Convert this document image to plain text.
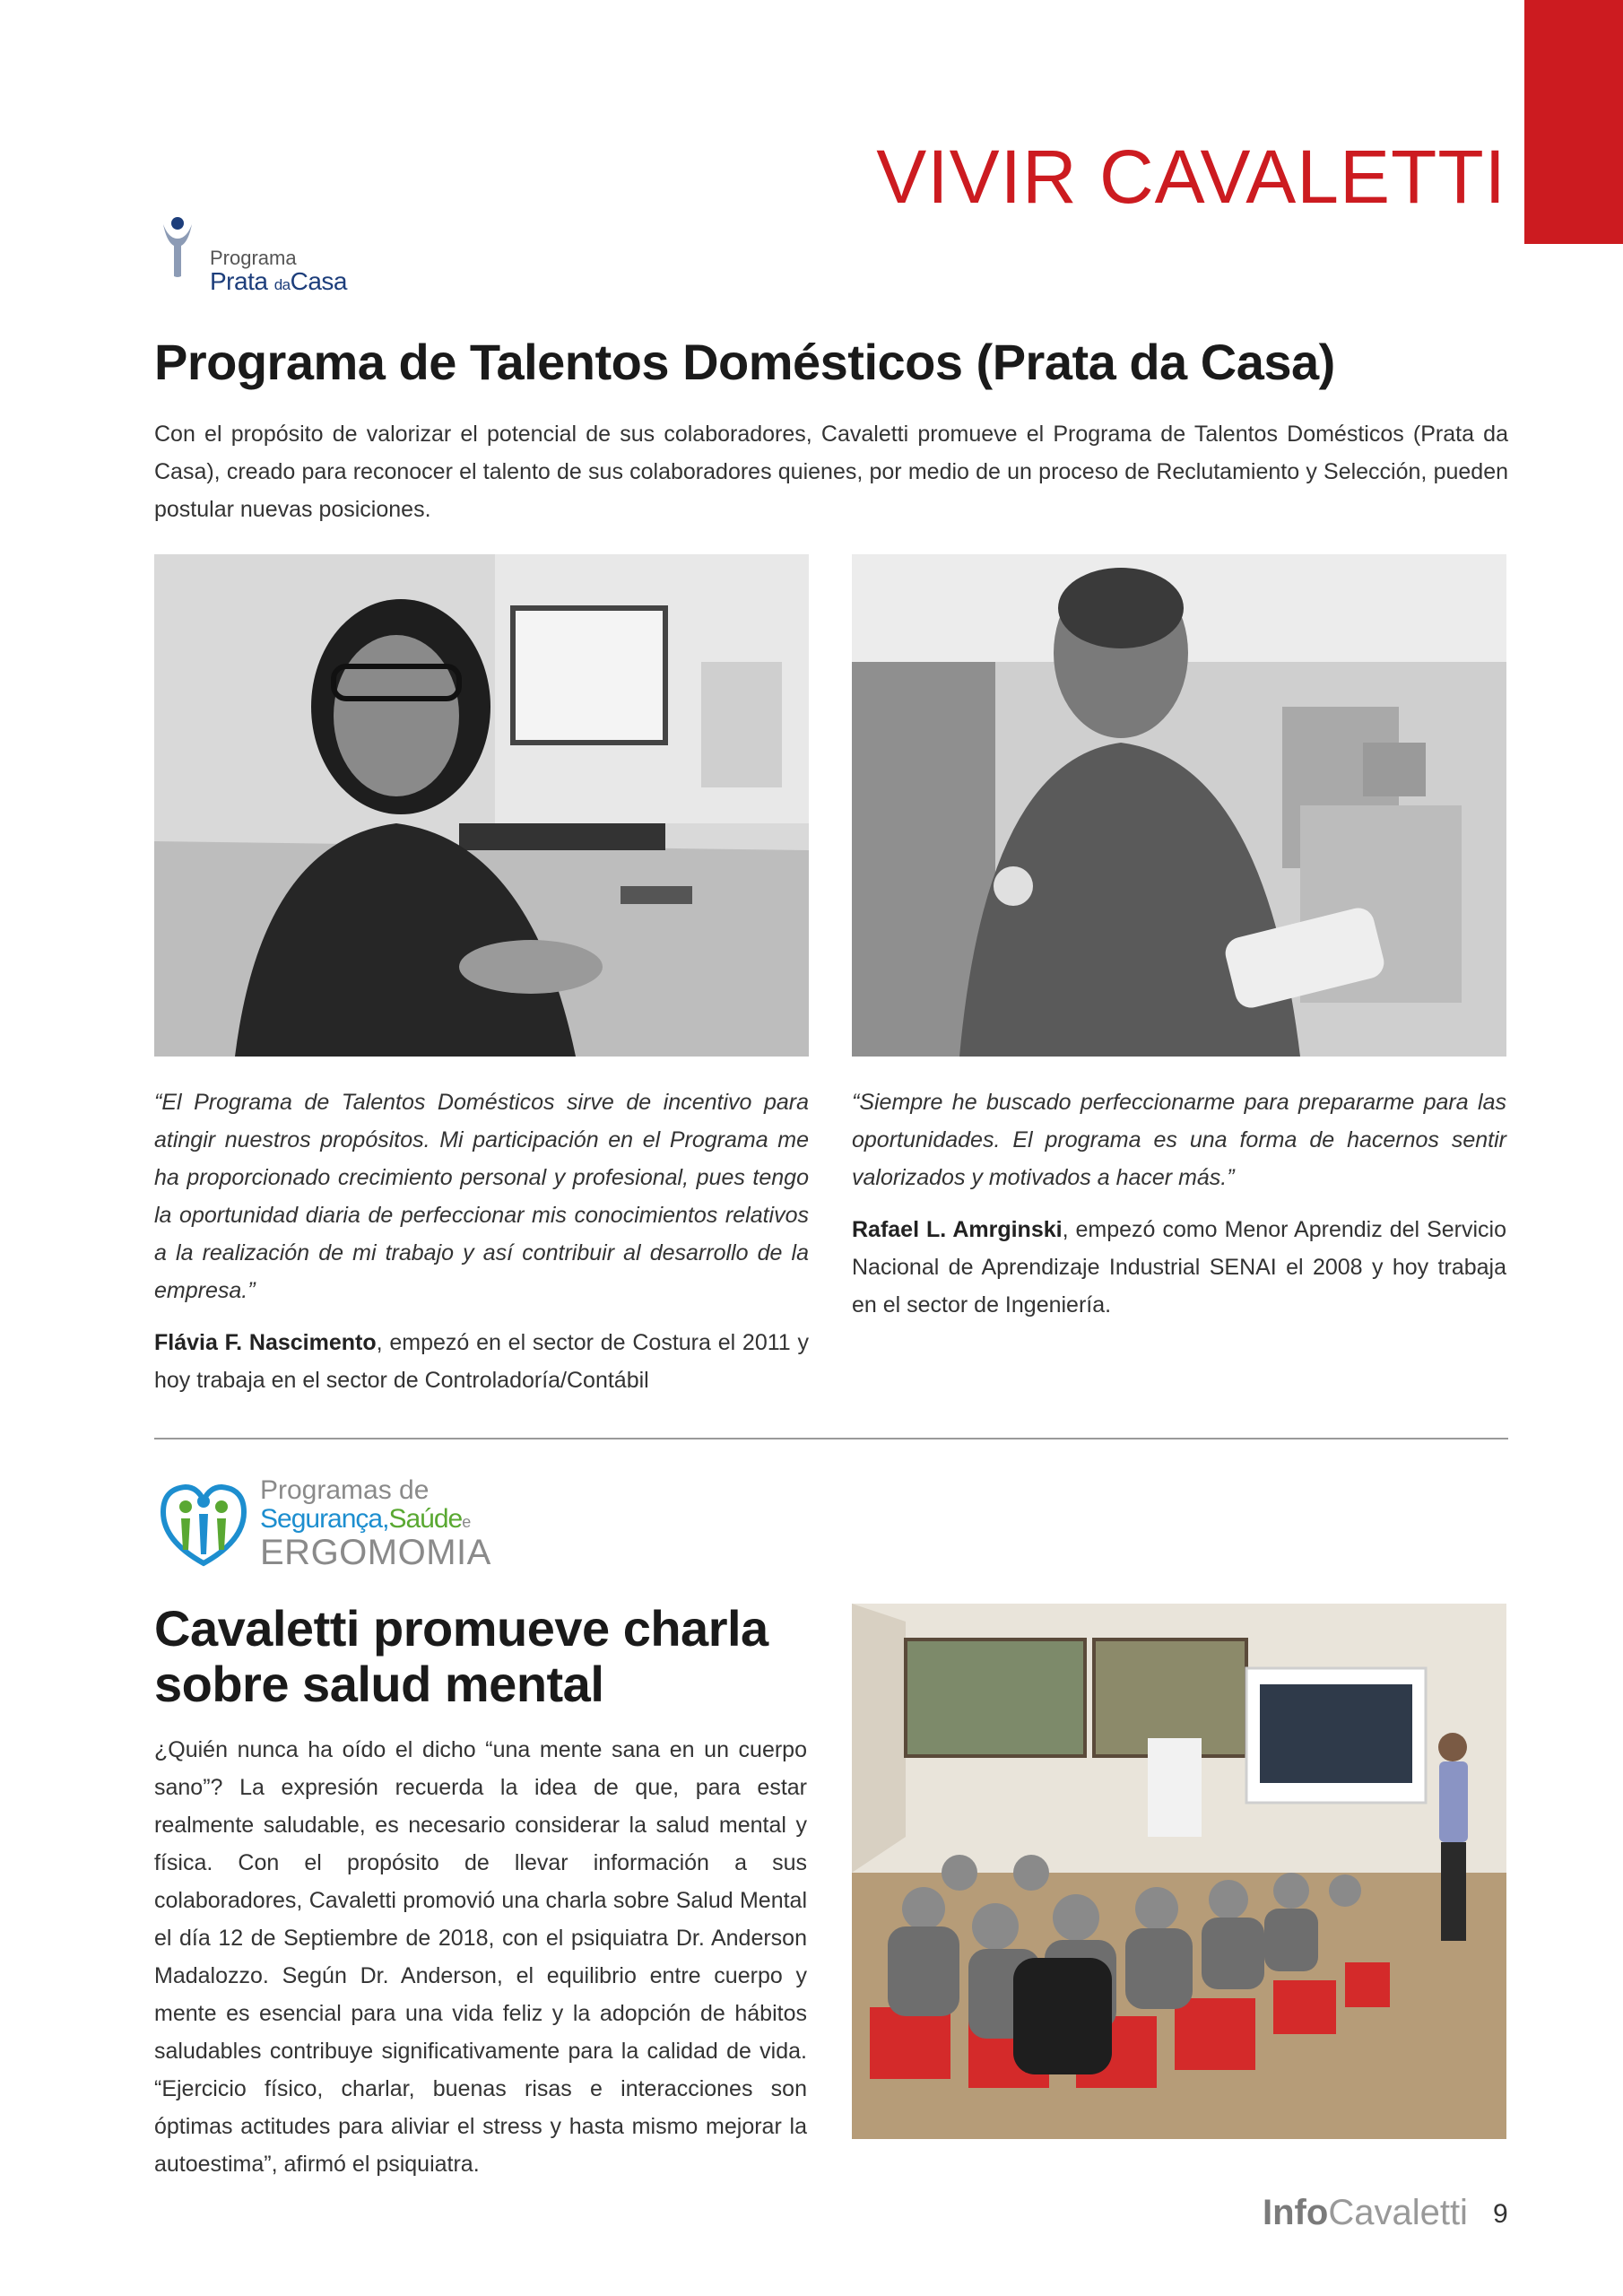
VIVIR CAVALETTI
Programa
Prata daCasa
Programa de Talentos Domésticos (Prata da Casa)

Con el propósito de valorizar el potencial de sus colaboradores, Cavaletti promueve el Programa de Talentos Domésticos (Prata da Casa), creado para reconocer el talento de sus colaboradores quienes, por medio de un proceso de Reclutamiento y Selección, pueden postular nuevas posiciones.

“El Programa de Talentos Domésticos sirve de incentivo para atingir nuestros propósitos. Mi participación en el Programa me ha proporcionado crecimiento personal y profesional, pues tengo la oportunidad diaria de perfeccionar mis conocimientos relativos a la realización de mi trabajo y así contribuir al desarrollo de la empresa.”

Flávia F. Nascimento, empezó en el sector de Costura el 2011 y hoy trabaja en el sector de Controladoría/Contábil

“Siempre he buscado perfeccionarme para prepararme para las oportunidades. El programa es una forma de hacernos sentir valorizados y motivados a hacer más.”

Rafael L. Amrginski, empezó como Menor Aprendiz del Servicio Nacional de Aprendizaje Industrial SENAI el 2008 y hoy trabaja en el sector de Ingeniería.

Programas de
Segurança,Saúdee
ERGOMOMIA
Cavaletti promueve charla sobre salud mental

¿Quién nunca ha oído el dicho “una mente sana en un cuerpo sano”? La expresión recuerda la idea de que, para estar realmente saludable, es necesario considerar la salud mental y física. Con el propósito de llevar información a sus colaboradores, Cavaletti promovió una charla sobre Salud Mental el día 12 de Septiembre de 2018, con el psiquiatra Dr. Anderson Madalozzo. Según Dr. Anderson, el equilibrio entre cuerpo y mente es esencial para una vida feliz y la adopción de hábitos saludables contribuye significativamente para la calidad de vida. “Ejercicio físico, charlar, buenas risas e interacciones son óptimas actitudes para aliviar el stress y hasta mismo mejorar la autoestima”, afirmó el psiquiatra.

InfoCavaletti 9
